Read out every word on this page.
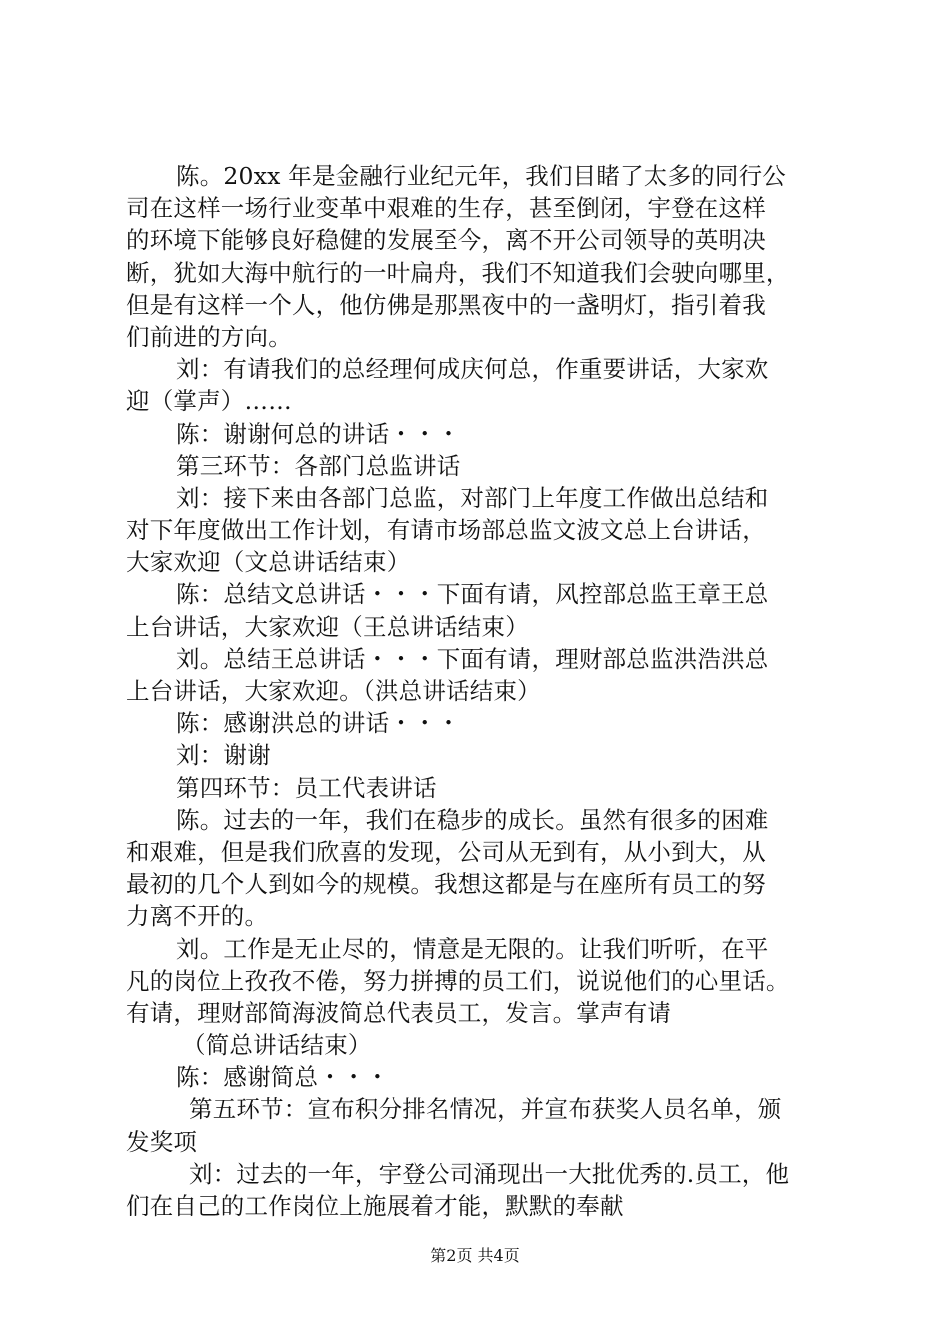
陈。20xx 年是金融行业纪元年，我们目睹了太多的同行公
司在这样一场行业变革中艰难的生存，甚至倒闭，宇登在这样
的环境下能够良好稳健的发展至今，离不开公司领导的英明决
断，犹如大海中航行的一叶扁舟，我们不知道我们会驶向哪里，
但是有这样一个人，他仿佛是那黑夜中的一盏明灯，指引着我
们前进的方向。
刘：有请我们的总经理何成庆何总，作重要讲话，大家欢
迎（掌声）……
陈：谢谢何总的讲话・・・
第三环节：各部门总监讲话
刘：接下来由各部门总监，对部门上年度工作做出总结和
对下年度做出工作计划，有请市场部总监文波文总上台讲话，
大家欢迎（文总讲话结束）
陈：总结文总讲话・・・下面有请，风控部总监王章王总
上台讲话，大家欢迎（王总讲话结束）
刘。总结王总讲话・・・下面有请，理财部总监洪浩洪总
上台讲话，大家欢迎。（洪总讲话结束）
陈：感谢洪总的讲话・・・
刘：谢谢
第四环节：员工代表讲话
陈。过去的一年，我们在稳步的成长。虽然有很多的困难
和艰难，但是我们欣喜的发现，公司从无到有，从小到大，从
最初的几个人到如今的规模。我想这都是与在座所有员工的努
力离不开的。
刘。工作是无止尽的，情意是无限的。让我们听听，在平
凡的岗位上孜孜不倦，努力拼搏的员工们，说说他们的心里话。
有请，理财部简海波简总代表员工，发言。掌声有请
（简总讲话结束）
陈：感谢简总・・・
第五环节：宣布积分排名情况，并宣布获奖人员名单，颁
发奖项
刘：过去的一年，宇登公司涌现出一大批优秀的.员工，他
们在自己的工作岗位上施展着才能，默默的奉献
第2页 共4页
